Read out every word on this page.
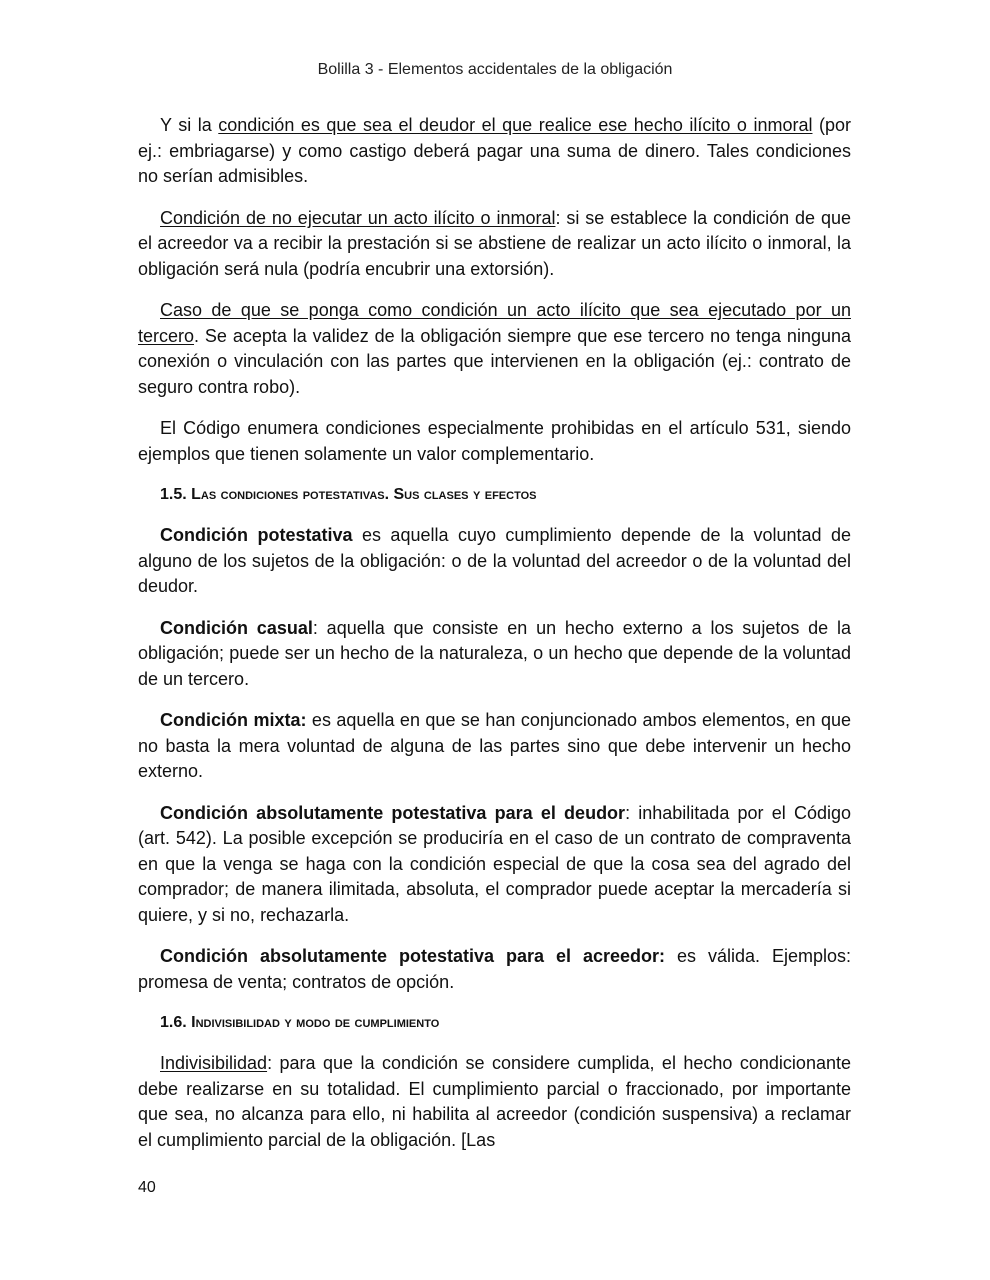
Bolilla 3 - Elementos accidentales de la obligación

Y si la condición es que sea el deudor el que realice ese hecho ilícito o inmoral (por ej.: embriagarse) y como castigo deberá pagar una suma de dinero. Tales condiciones no serían admisibles.

Condición de no ejecutar un acto ilícito o inmoral: si se establece la condición de que el acreedor va a recibir la prestación si se abstiene de realizar un acto ilícito o inmoral, la obligación será nula (podría encubrir una extorsión).

Caso de que se ponga como condición un acto ilícito que sea ejecutado por un tercero. Se acepta la validez de la obligación siempre que ese tercero no tenga ninguna conexión o vinculación con las partes que intervienen en la obligación (ej.: contrato de seguro contra robo).

El Código enumera condiciones especialmente prohibidas en el artículo 531, siendo ejemplos que tienen solamente un valor complementario.

1.5. Las condiciones potestativas. Sus clases y efectos

Condición potestativa es aquella cuyo cumplimiento depende de la voluntad de alguno de los sujetos de la obligación: o de la voluntad del acreedor o de la voluntad del deudor.

Condición casual: aquella que consiste en un hecho externo a los sujetos de la obligación; puede ser un hecho de la naturaleza, o un hecho que depende de la voluntad de un tercero.

Condición mixta: es aquella en que se han conjuncionado ambos elementos, en que no basta la mera voluntad de alguna de las partes sino que debe intervenir un hecho externo.

Condición absolutamente potestativa para el deudor: inhabilitada por el Código (art. 542). La posible excepción se produciría en el caso de un contrato de compraventa en que la venga se haga con la condición especial de que la cosa sea del agrado del comprador; de manera ilimitada, absoluta, el comprador puede aceptar la mercadería si quiere, y si no, rechazarla.

Condición absolutamente potestativa para el acreedor: es válida. Ejemplos: promesa de venta; contratos de opción.

1.6. Indivisibilidad y modo de cumplimiento

Indivisibilidad: para que la condición se considere cumplida, el hecho condicionante debe realizarse en su totalidad. El cumplimiento parcial o fraccionado, por importante que sea, no alcanza para ello, ni habilita al acreedor (condición suspensiva) a reclamar el cumplimiento parcial de la obligación. [Las

40
